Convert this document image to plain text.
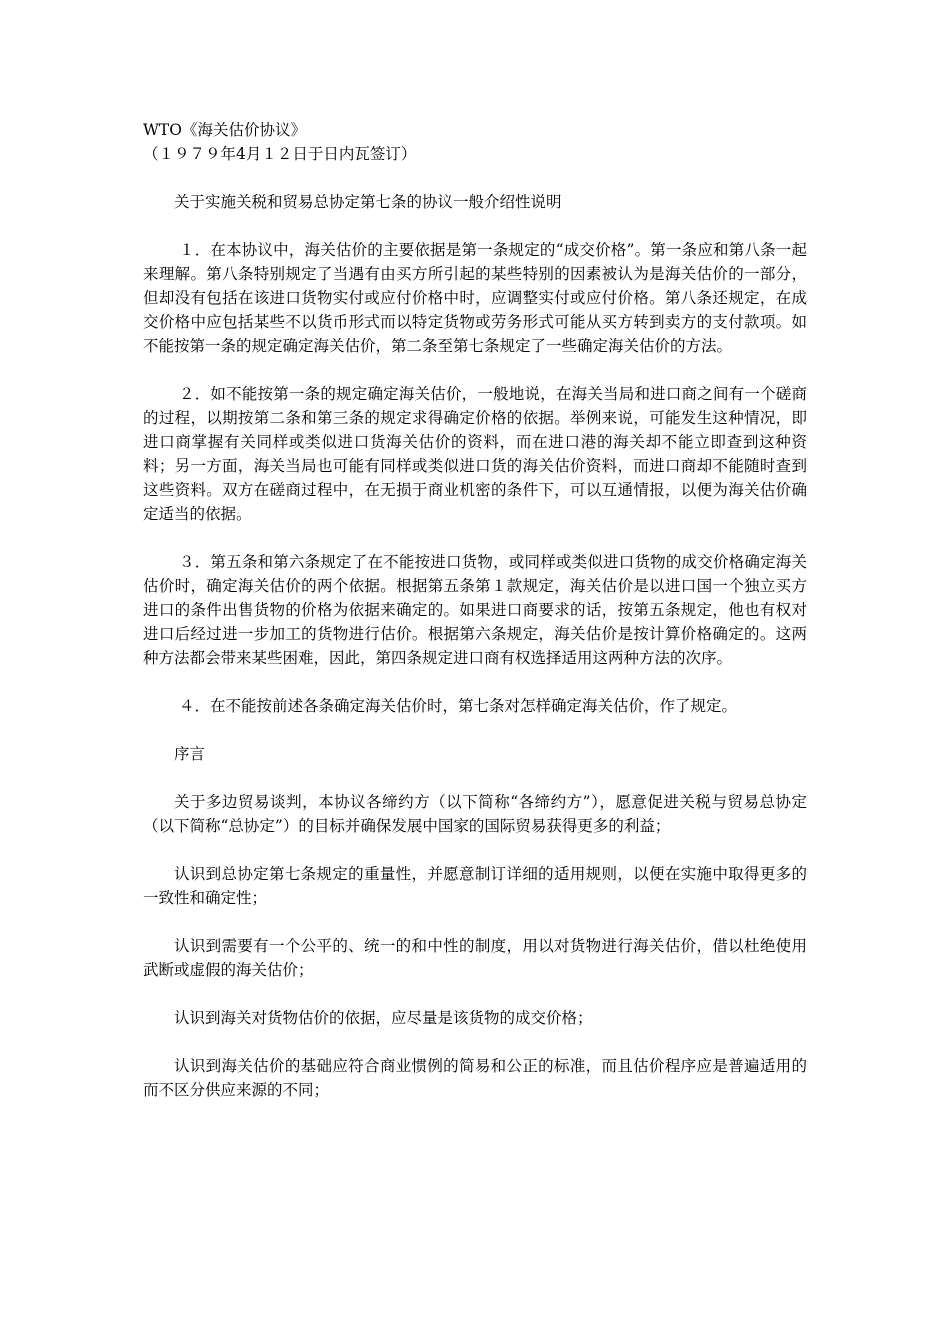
WTO《海关估价协议》

（１９７９年4月１２日于日内瓦签订）

关于实施关税和贸易总协定第七条的协议一般介绍性说明

１．在本协议中，海关估价的主要依据是第一条规定的“成交价格”。第一条应和第八条一起来理解。第八条特别规定了当遇有由买方所引起的某些特别的因素被认为是海关估价的一部分，但却没有包括在该进口货物实付或应付价格中时，应调整实付或应付价格。第八条还规定，在成交价格中应包括某些不以货币形式而以特定货物或劳务形式可能从买方转到卖方的支付款项。如不能按第一条的规定确定海关估价，第二条至第七条规定了一些确定海关估价的方法。

２．如不能按第一条的规定确定海关估价，一般地说，在海关当局和进口商之间有一个磋商的过程，以期按第二条和第三条的规定求得确定价格的依据。举例来说，可能发生这种情况，即进口商掌握有关同样或类似进口货海关估价的资料，而在进口港的海关却不能立即查到这种资料；另一方面，海关当局也可能有同样或类似进口货的海关估价资料，而进口商却不能随时查到这些资料。双方在磋商过程中，在无损于商业机密的条件下，可以互通情报，以便为海关估价确定适当的依据。

３．第五条和第六条规定了在不能按进口货物，或同样或类似进口货物的成交价格确定海关估价时，确定海关估价的两个依据。根据第五条第１款规定，海关估价是以进口国一个独立买方进口的条件出售货物的价格为依据来确定的。如果进口商要求的话，按第五条规定，他也有权对进口后经过进一步加工的货物进行估价。根据第六条规定，海关估价是按计算价格确定的。这两种方法都会带来某些困难，因此，第四条规定进口商有权选择适用这两种方法的次序。

４．在不能按前述各条确定海关估价时，第七条对怎样确定海关估价，作了规定。

序言

关于多边贸易谈判，本协议各缔约方（以下简称“各缔约方”），愿意促进关税与贸易总协定（以下简称“总协定”）的目标并确保发展中国家的国际贸易获得更多的利益；

认识到总协定第七条规定的重量性，并愿意制订详细的适用规则，以便在实施中取得更多的一致性和确定性；

认识到需要有一个公平的、统一的和中性的制度，用以对货物进行海关估价，借以杜绝使用武断或虚假的海关估价；

认识到海关对货物估价的依据，应尽量是该货物的成交价格；

认识到海关估价的基础应符合商业惯例的简易和公正的标准，而且估价程序应是普遍适用的而不区分供应来源的不同；
